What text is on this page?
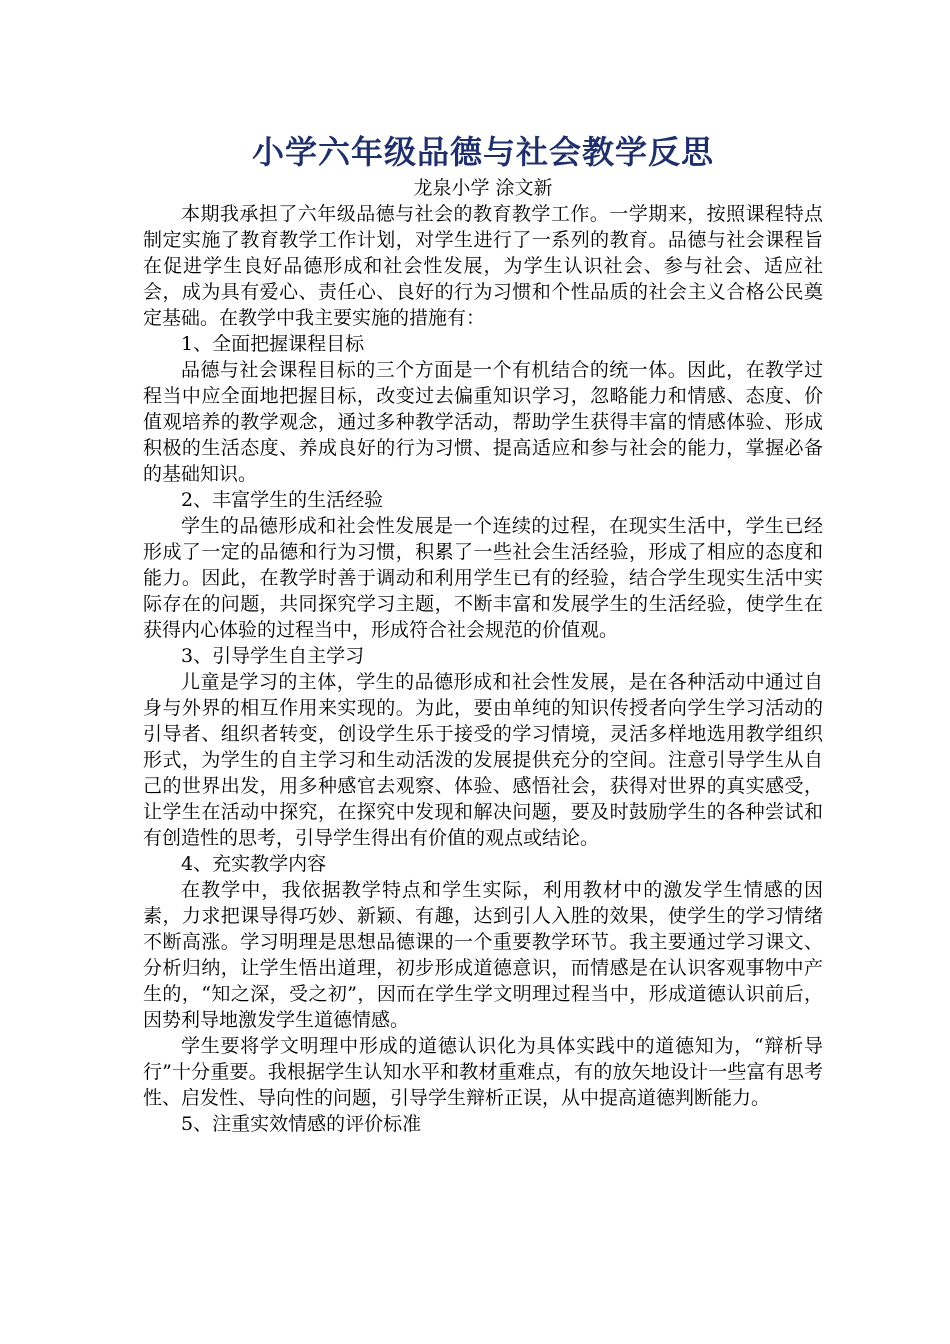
小学六年级品德与社会教学反思

龙泉小学 涂文新

本期我承担了六年级品德与社会的教育教学工作。一学期来，按照课程特点制定实施了教育教学工作计划，对学生进行了一系列的教育。品德与社会课程旨在促进学生良好品德形成和社会性发展，为学生认识社会、参与社会、适应社会，成为具有爱心、责任心、良好的行为习惯和个性品质的社会主义合格公民奠定基础。在教学中我主要实施的措施有：

1、全面把握课程目标

品德与社会课程目标的三个方面是一个有机结合的统一体。因此，在教学过程当中应全面地把握目标，改变过去偏重知识学习，忽略能力和情感、态度、价值观培养的教学观念，通过多种教学活动，帮助学生获得丰富的情感体验、形成积极的生活态度、养成良好的行为习惯、提高适应和参与社会的能力，掌握必备的基础知识。

2、丰富学生的生活经验

学生的品德形成和社会性发展是一个连续的过程，在现实生活中，学生已经形成了一定的品德和行为习惯，积累了一些社会生活经验，形成了相应的态度和能力。因此，在教学时善于调动和利用学生已有的经验，结合学生现实生活中实际存在的问题，共同探究学习主题，不断丰富和发展学生的生活经验，使学生在获得内心体验的过程当中，形成符合社会规范的价值观。

3、引导学生自主学习

儿童是学习的主体，学生的品德形成和社会性发展，是在各种活动中通过自身与外界的相互作用来实现的。为此，要由单纯的知识传授者向学生学习活动的引导者、组织者转变，创设学生乐于接受的学习情境，灵活多样地选用教学组织形式，为学生的自主学习和生动活泼的发展提供充分的空间。注意引导学生从自己的世界出发，用多种感官去观察、体验、感悟社会，获得对世界的真实感受，让学生在活动中探究，在探究中发现和解决问题，要及时鼓励学生的各种尝试和有创造性的思考，引导学生得出有价值的观点或结论。

4、充实教学内容

在教学中，我依据教学特点和学生实际，利用教材中的激发学生情感的因素，力求把课导得巧妙、新颖、有趣，达到引人入胜的效果，使学生的学习情绪不断高涨。学习明理是思想品德课的一个重要教学环节。我主要通过学习课文、分析归纳，让学生悟出道理，初步形成道德意识，而情感是在认识客观事物中产生的，“知之深，受之初”，因而在学生学文明理过程当中，形成道德认识前后，因势利导地激发学生道德情感。

学生要将学文明理中形成的道德认识化为具体实践中的道德知为，“辩析导行”十分重要。我根据学生认知水平和教材重难点，有的放矢地设计一些富有思考性、启发性、导向性的问题，引导学生辩析正误，从中提高道德判断能力。

5、注重实效情感的评价标准
